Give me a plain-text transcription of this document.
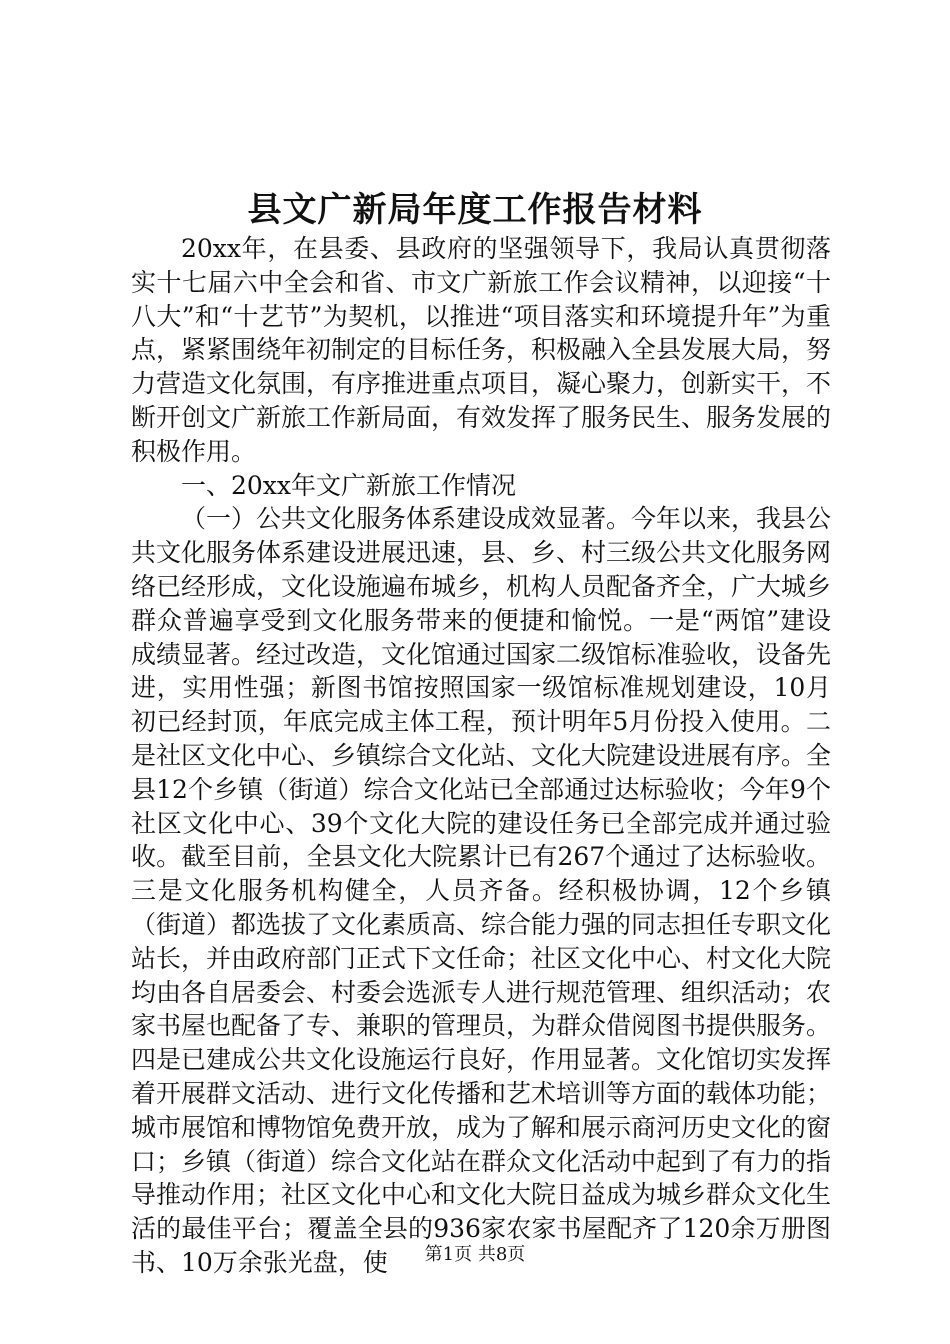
县文广新局年度工作报告材料

20xx年，在县委、县政府的坚强领导下，我局认真贯彻落实十七届六中全会和省、市文广新旅工作会议精神，以迎接“十八大”和“十艺节”为契机，以推进“项目落实和环境提升年”为重点，紧紧围绕年初制定的目标任务，积极融入全县发展大局，努力营造文化氛围，有序推进重点项目，凝心聚力，创新实干，不断开创文广新旅工作新局面，有效发挥了服务民生、服务发展的积极作用。

一、20xx年文广新旅工作情况

（一）公共文化服务体系建设成效显著。今年以来，我县公共文化服务体系建设进展迅速，县、乡、村三级公共文化服务网络已经形成，文化设施遍布城乡，机构人员配备齐全，广大城乡群众普遍享受到文化服务带来的便捷和愉悦。一是“两馆”建设成绩显著。经过改造，文化馆通过国家二级馆标准验收，设备先进，实用性强；新图书馆按照国家一级馆标准规划建设，10月初已经封顶，年底完成主体工程，预计明年5月份投入使用。二是社区文化中心、乡镇综合文化站、文化大院建设进展有序。全县12个乡镇（街道）综合文化站已全部通过达标验收；今年9个社区文化中心、39个文化大院的建设任务已全部完成并通过验收。截至目前，全县文化大院累计已有267个通过了达标验收。三是文化服务机构健全，人员齐备。经积极协调，12个乡镇（街道）都选拔了文化素质高、综合能力强的同志担任专职文化站长，并由政府部门正式下文任命；社区文化中心、村文化大院均由各自居委会、村委会选派专人进行规范管理、组织活动；农家书屋也配备了专、兼职的管理员，为群众借阅图书提供服务。四是已建成公共文化设施运行良好，作用显著。文化馆切实发挥着开展群文活动、进行文化传播和艺术培训等方面的载体功能；城市展馆和博物馆免费开放，成为了解和展示商河历史文化的窗口；乡镇（街道）综合文化站在群众文化活动中起到了有力的指导推动作用；社区文化中心和文化大院日益成为城乡群众文化生活的最佳平台；覆盖全县的936家农家书屋配齐了120余万册图书、10万余张光盘，使	第1页 共8页
